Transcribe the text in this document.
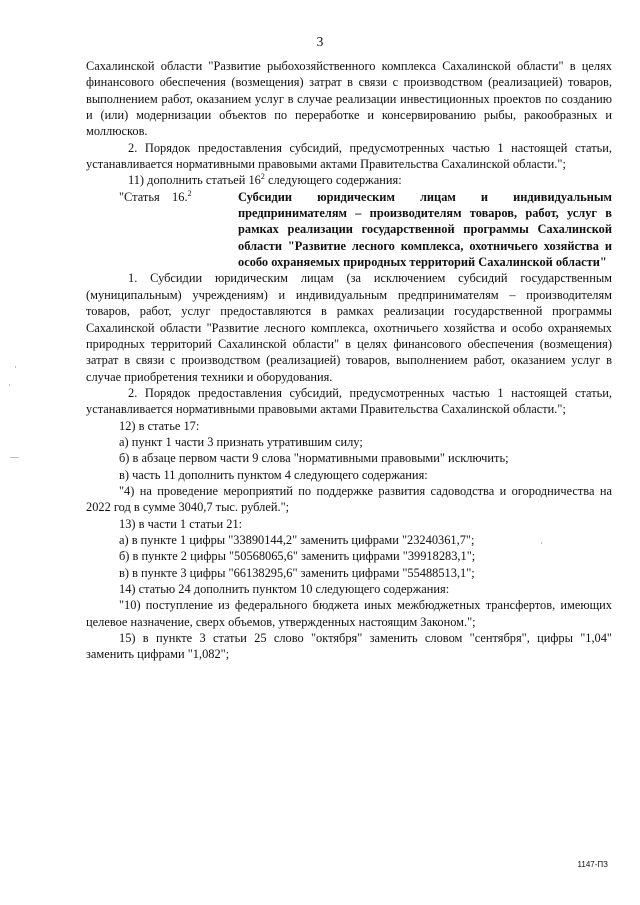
3

Сахалинской области "Развитие рыбохозяйственного комплекса Сахалинской области" в целях финансового обеспечения (возмещения) затрат в связи с производством (реализацией) товаров, выполнением работ, оказанием услуг в случае реализации инвестиционных проектов по созданию и (или) модернизации объектов по переработке и консервированию рыбы, ракообразных и моллюсков.

2. Порядок предоставления субсидий, предусмотренных частью 1 настоящей статьи, устанавливается нормативными правовыми актами Правительства Сахалинской области.";

11) дополнить статьей $16^2$ следующего содержания:

"Статья    16.$^2$	Субсидии юридическим лицам и индивидуальным предпринимателям – производителям товаров, работ, услуг в рамках реализации государственной программы Сахалинской области "Развитие лесного комплекса, охотничьего хозяйства и особо охраняемых природных территорий Сахалинской области"

1. Субсидии юридическим лицам (за исключением субсидий государственным (муниципальным) учреждениям) и индивидуальным предпринимателям – производителям товаров, работ, услуг предоставляются в рамках реализации государственной программы Сахалинской области "Развитие лесного комплекса, охотничьего хозяйства и особо охраняемых природных территорий Сахалинской области" в целях финансового обеспечения (возмещения) затрат в связи с производством (реализацией) товаров, выполнением работ, оказанием услуг в случае приобретения техники и оборудования.

2. Порядок предоставления субсидий, предусмотренных частью 1 настоящей статьи, устанавливается нормативными правовыми актами Правительства Сахалинской области.";

12) в статье 17:

а) пункт 1 части 3 признать утратившим силу;

б) в абзаце первом части 9 слова "нормативными правовыми" исключить;

в) часть 11 дополнить пунктом 4 следующего содержания:

"4) на проведение мероприятий по поддержке развития садоводства и огородничества на 2022 год в сумме 3040,7 тыс. рублей.";

13) в части 1 статьи 21:

а) в пункте 1 цифры "33890144,2" заменить цифрами "23240361,7";

б) в пункте 2 цифры "50568065,6" заменить цифрами "39918283,1";

в) в пункте 3 цифры "66138295,6" заменить цифрами "55488513,1";

14) статью 24 дополнить пунктом 10 следующего содержания:

"10) поступление из федерального бюджета иных межбюджетных трансфертов, имеющих целевое назначение, сверх объемов, утвержденных настоящим Законом.";

15) в пункте 3 статьи 25 слово "октября" заменить словом "сентября", цифры "1,04" заменить цифрами "1,082";

·
·
—
´
1147-ПЗ
